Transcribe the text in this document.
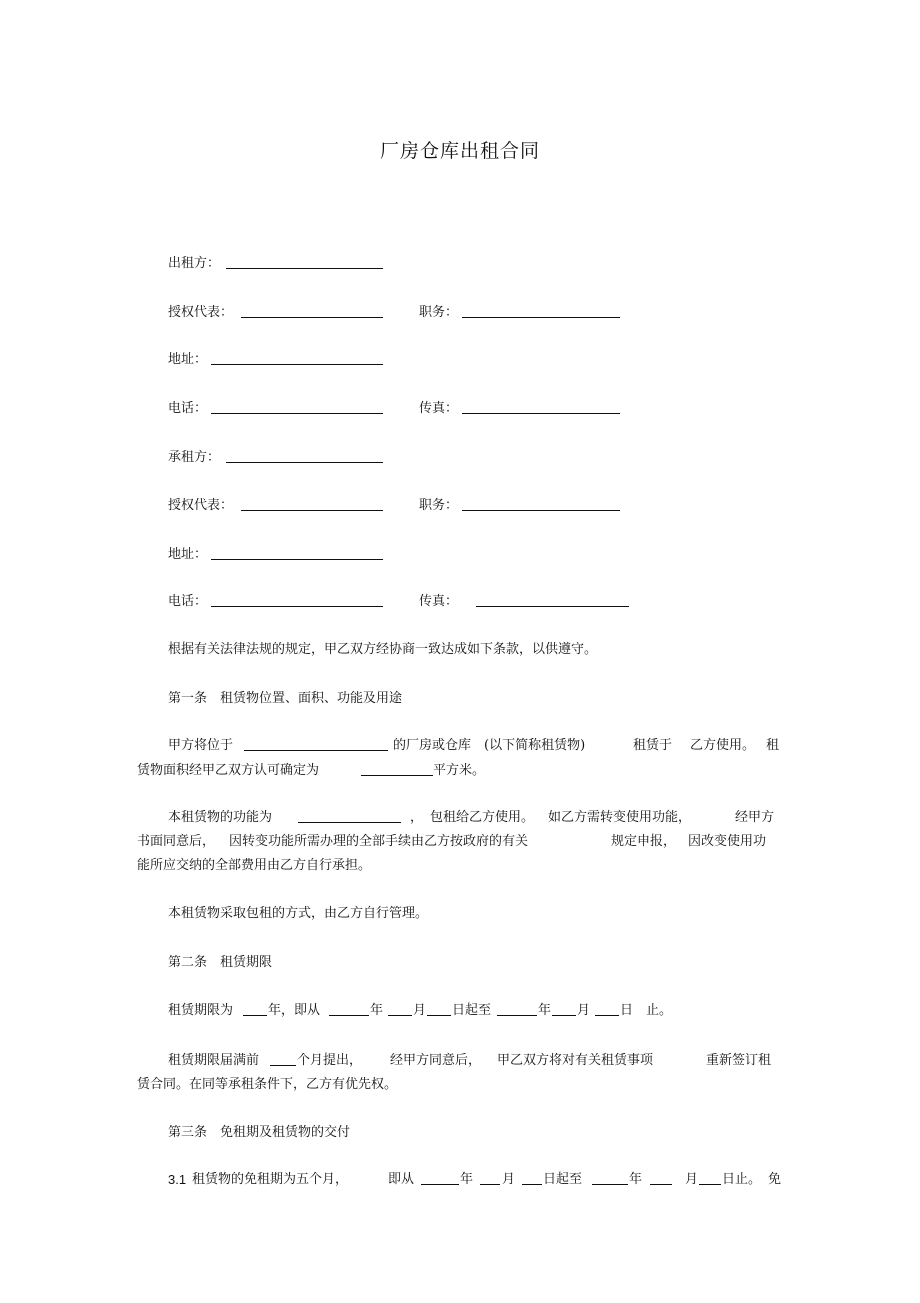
厂房仓库出租合同
出租方：
授权代表：	职务：
地址：
电话：	传真：
承租方：
授权代表：	职务：
地址：
电话：	传真：
根据有关法律法规的规定，甲乙双方经协商一致达成如下条款，以供遵守。
第一条　租赁物位置、面积、功能及用途
甲方将位于	的厂房或仓库　(以下简称租赁物)	租赁于 乙方使用。 租
赁物面积经甲乙双方认可确定为	平方米。
本租赁物的功能为	， 包租给乙方使用。 如乙方需转变使用功能，	经甲方
书面同意后， 因转变功能所需办理的全部手续由乙方按政府的有关	规定申报， 因改变使用功
能所应交纳的全部费用由乙方自行承担。
本租赁物采取包租的方式，由乙方自行管理。
第二条　租赁期限
租赁期限为	年 ，即从	年 月 日起至	年 月 日　止。
租赁期限届满前	个月提出， 经甲方同意后， 甲乙双方将对有关租赁事项	重新签订租
赁合同。在同等承租条件下，乙方有优先权。
第三条　免租期及租赁物的交付
3.1 租赁物的免租期为五个月，	即从	年 月 日起至	年	月 日止。 免
